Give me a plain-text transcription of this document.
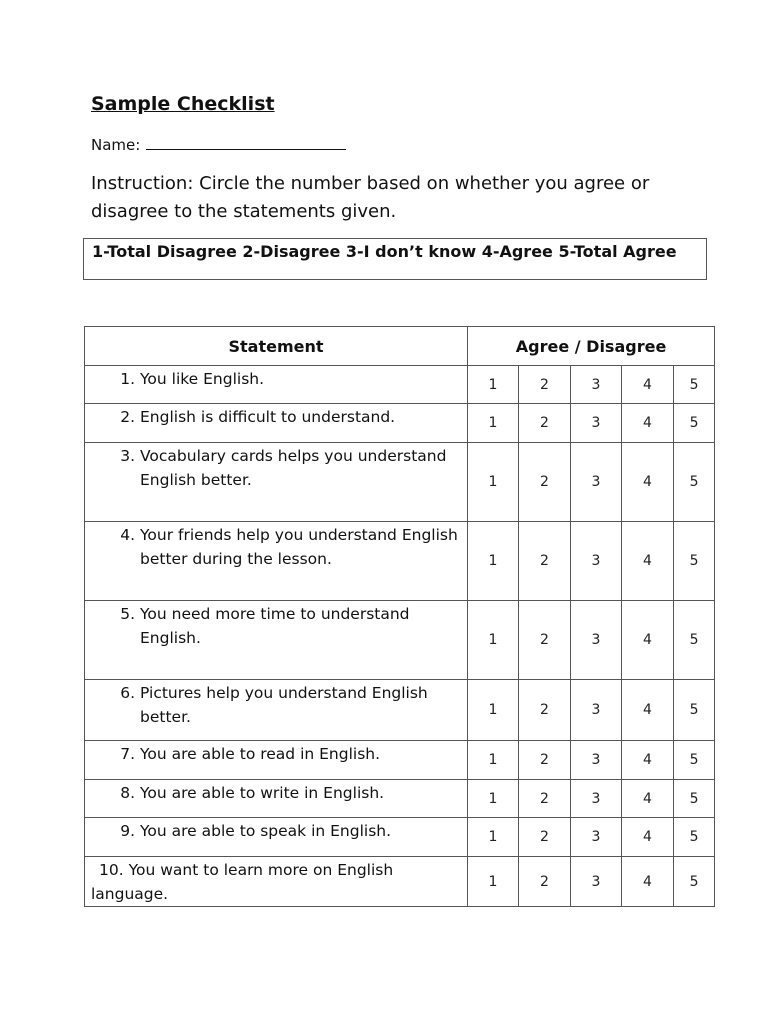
Sample Checklist
Name:

Instruction: Circle the number based on whether you agree or disagree to the statements given.

1-Total Disagree 2-Disagree 3-I don’t know 4-Agree 5-Total Agree
Statement	Agree / Disagree				

1. You like English.	1	2	3	4	5

2. English is difficult to understand.	1	2	3	4	5

3. Vocabulary cards helps you understand English better.	1	2	3	4	5

4. Your friends help you understand English better during the lesson.	1	2	3	4	5

5. You need more time to understand English.	1	2	3	4	5

6. Pictures help you understand English better.	1	2	3	4	5

7. You are able to read in English.	1	2	3	4	5

8. You are able to write in English.	1	2	3	4	5

9. You are able to speak in English.	1	2	3	4	5

10. You want to learn more on English language.	1	2	3	4	5
